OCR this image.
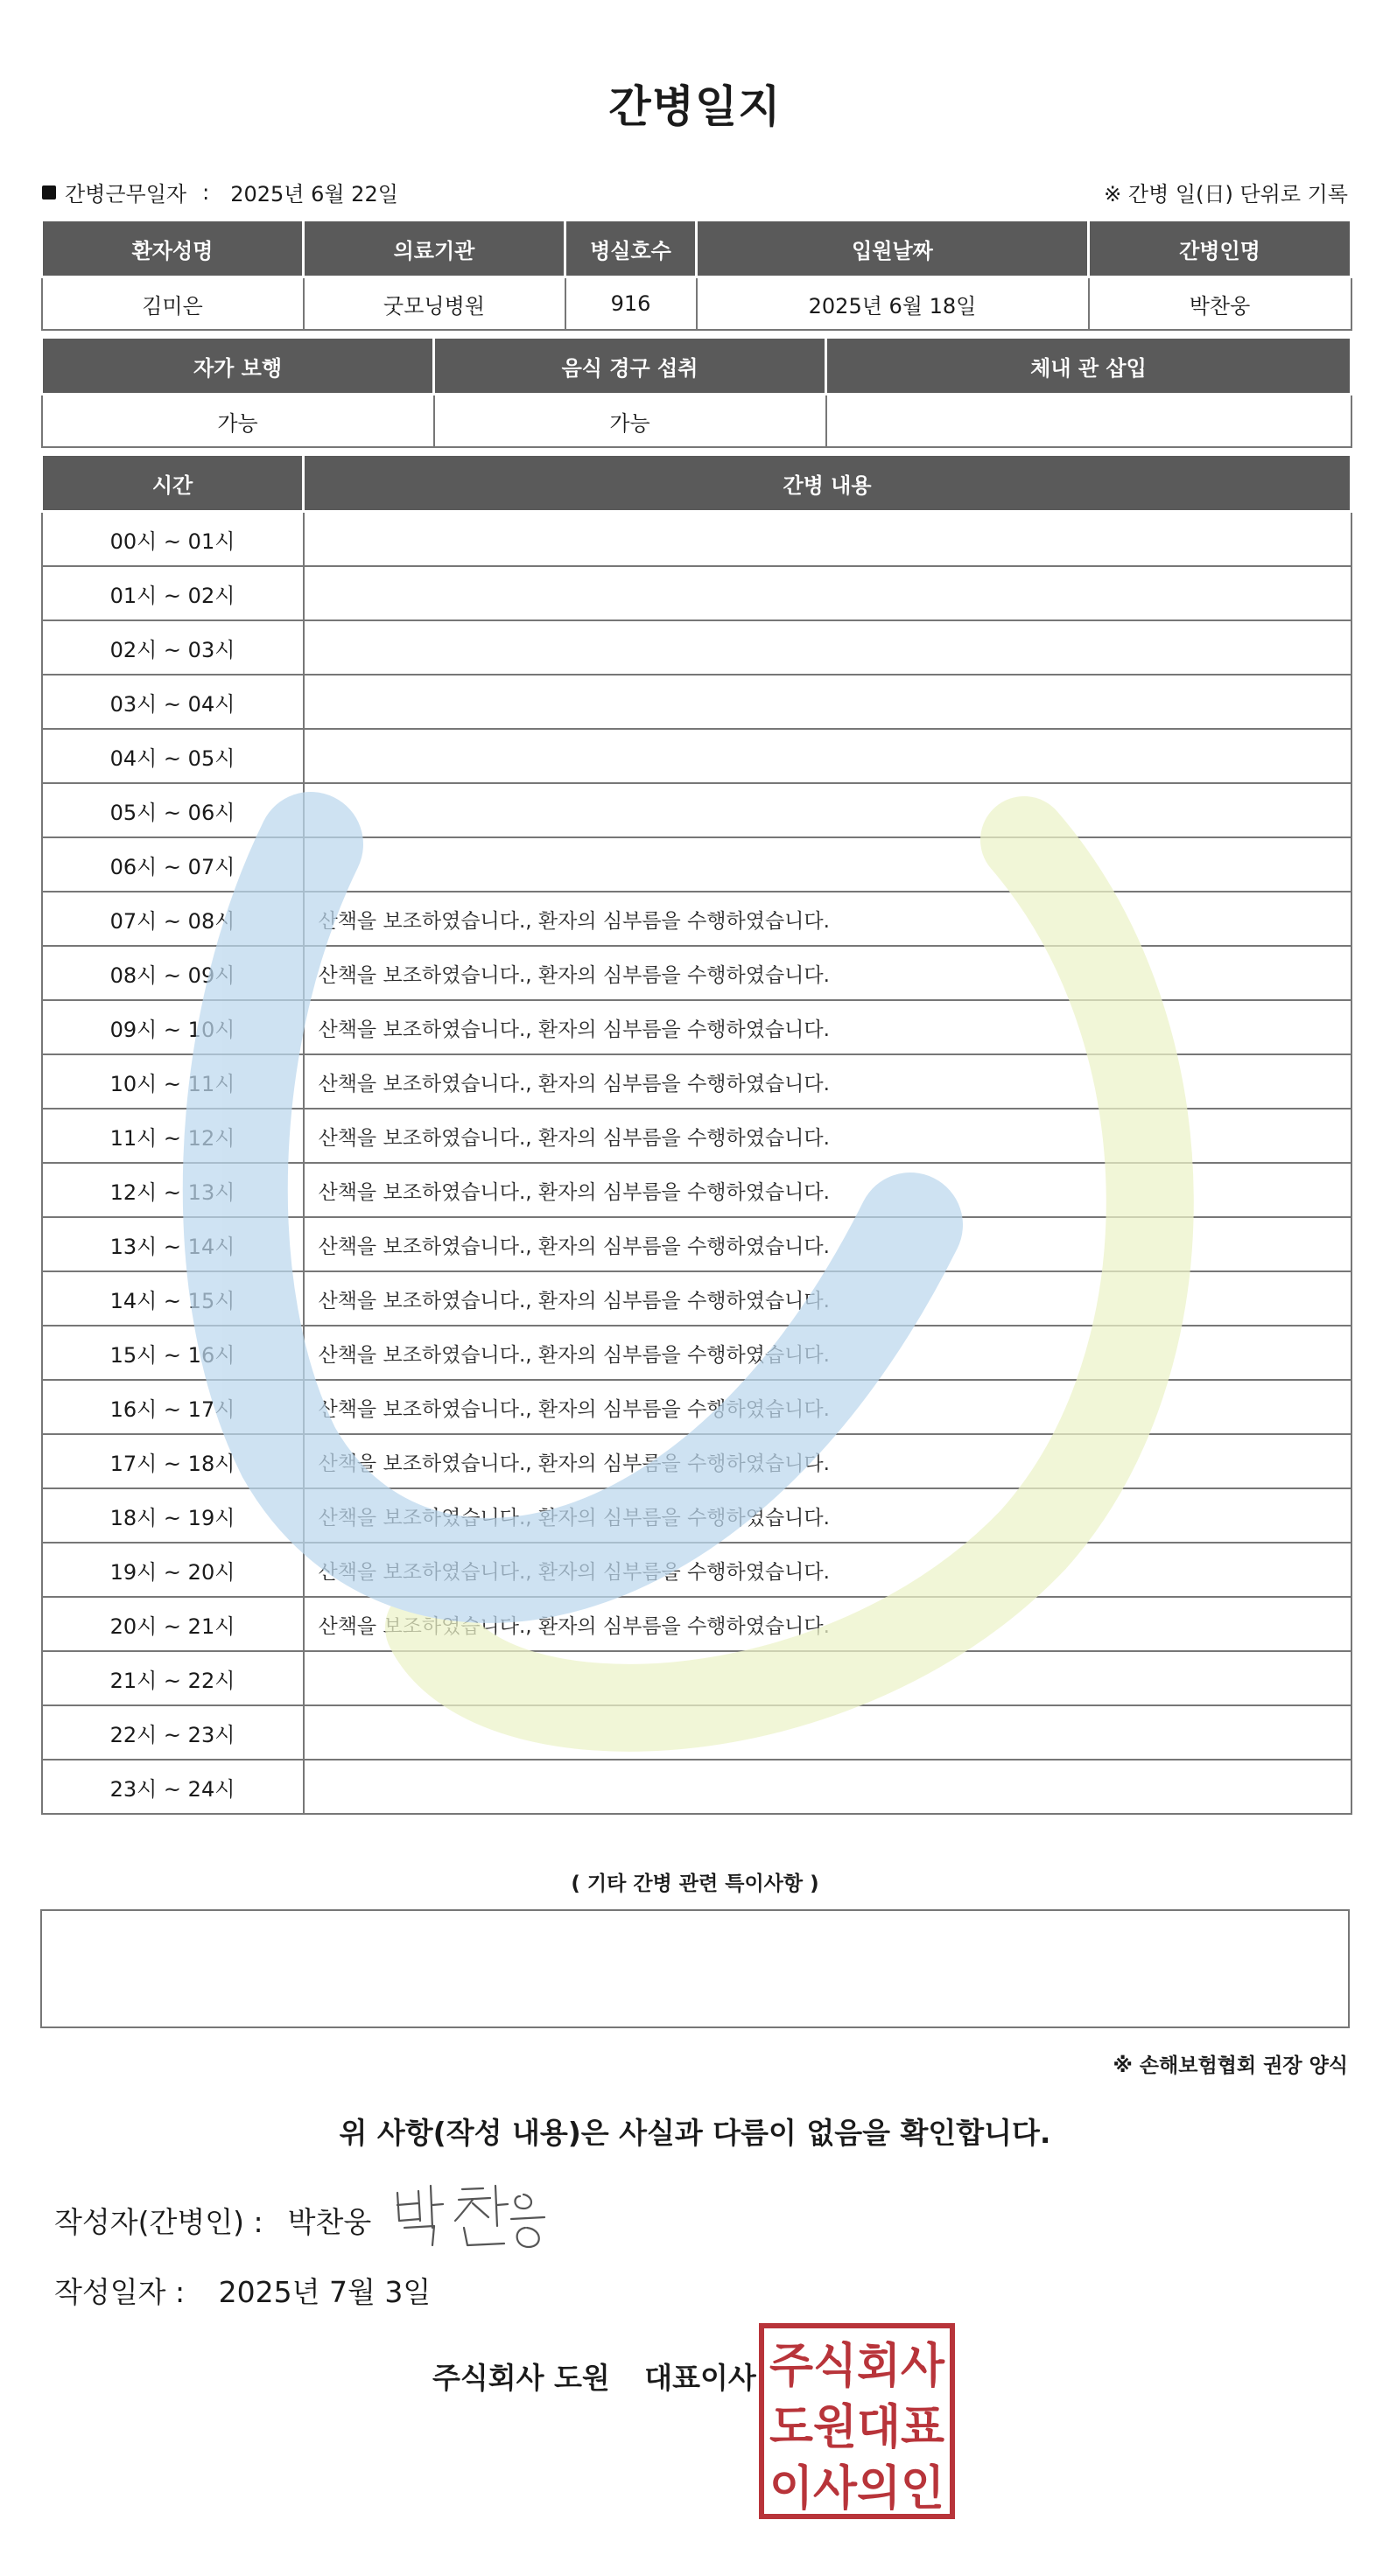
간병일지
간병근무일자 : 2025년 6월 22일	※ 간병 일(日) 단위로 기록
환자성명	의료기관	병실호수	입원날짜	간병인명
김미은	굿모닝병원	916	2025년 6월 18일	박찬웅
자가 보행	음식 경구 섭취	체내 관 삽입
가능	가능	
시간	간병 내용
00시 ~ 01시	
01시 ~ 02시	
02시 ~ 03시	
03시 ~ 04시	
04시 ~ 05시	
05시 ~ 06시	
06시 ~ 07시	
07시 ~ 08시	산책을 보조하였습니다., 환자의 심부름을 수행하였습니다.
08시 ~ 09시	산책을 보조하였습니다., 환자의 심부름을 수행하였습니다.
09시 ~ 10시	산책을 보조하였습니다., 환자의 심부름을 수행하였습니다.
10시 ~ 11시	산책을 보조하였습니다., 환자의 심부름을 수행하였습니다.
11시 ~ 12시	산책을 보조하였습니다., 환자의 심부름을 수행하였습니다.
12시 ~ 13시	산책을 보조하였습니다., 환자의 심부름을 수행하였습니다.
13시 ~ 14시	산책을 보조하였습니다., 환자의 심부름을 수행하였습니다.
14시 ~ 15시	산책을 보조하였습니다., 환자의 심부름을 수행하였습니다.
15시 ~ 16시	산책을 보조하였습니다., 환자의 심부름을 수행하였습니다.
16시 ~ 17시	산책을 보조하였습니다., 환자의 심부름을 수행하였습니다.
17시 ~ 18시	산책을 보조하였습니다., 환자의 심부름을 수행하였습니다.
18시 ~ 19시	산책을 보조하였습니다., 환자의 심부름을 수행하였습니다.
19시 ~ 20시	산책을 보조하였습니다., 환자의 심부름을 수행하였습니다.
20시 ~ 21시	산책을 보조하였습니다., 환자의 심부름을 수행하였습니다.
21시 ~ 22시	
22시 ~ 23시	
23시 ~ 24시	
( 기타 간병 관련 특이사항 )
※ 손해보험협회 권장 양식
위 사항(작성 내용)은 사실과 다름이 없음을 확인합니다.
작성자(간병인) : 박찬웅
작성일자 : 2025년 7월 3일
주식회사 도원 대표이사 주식회사
도원대표
이사의인
